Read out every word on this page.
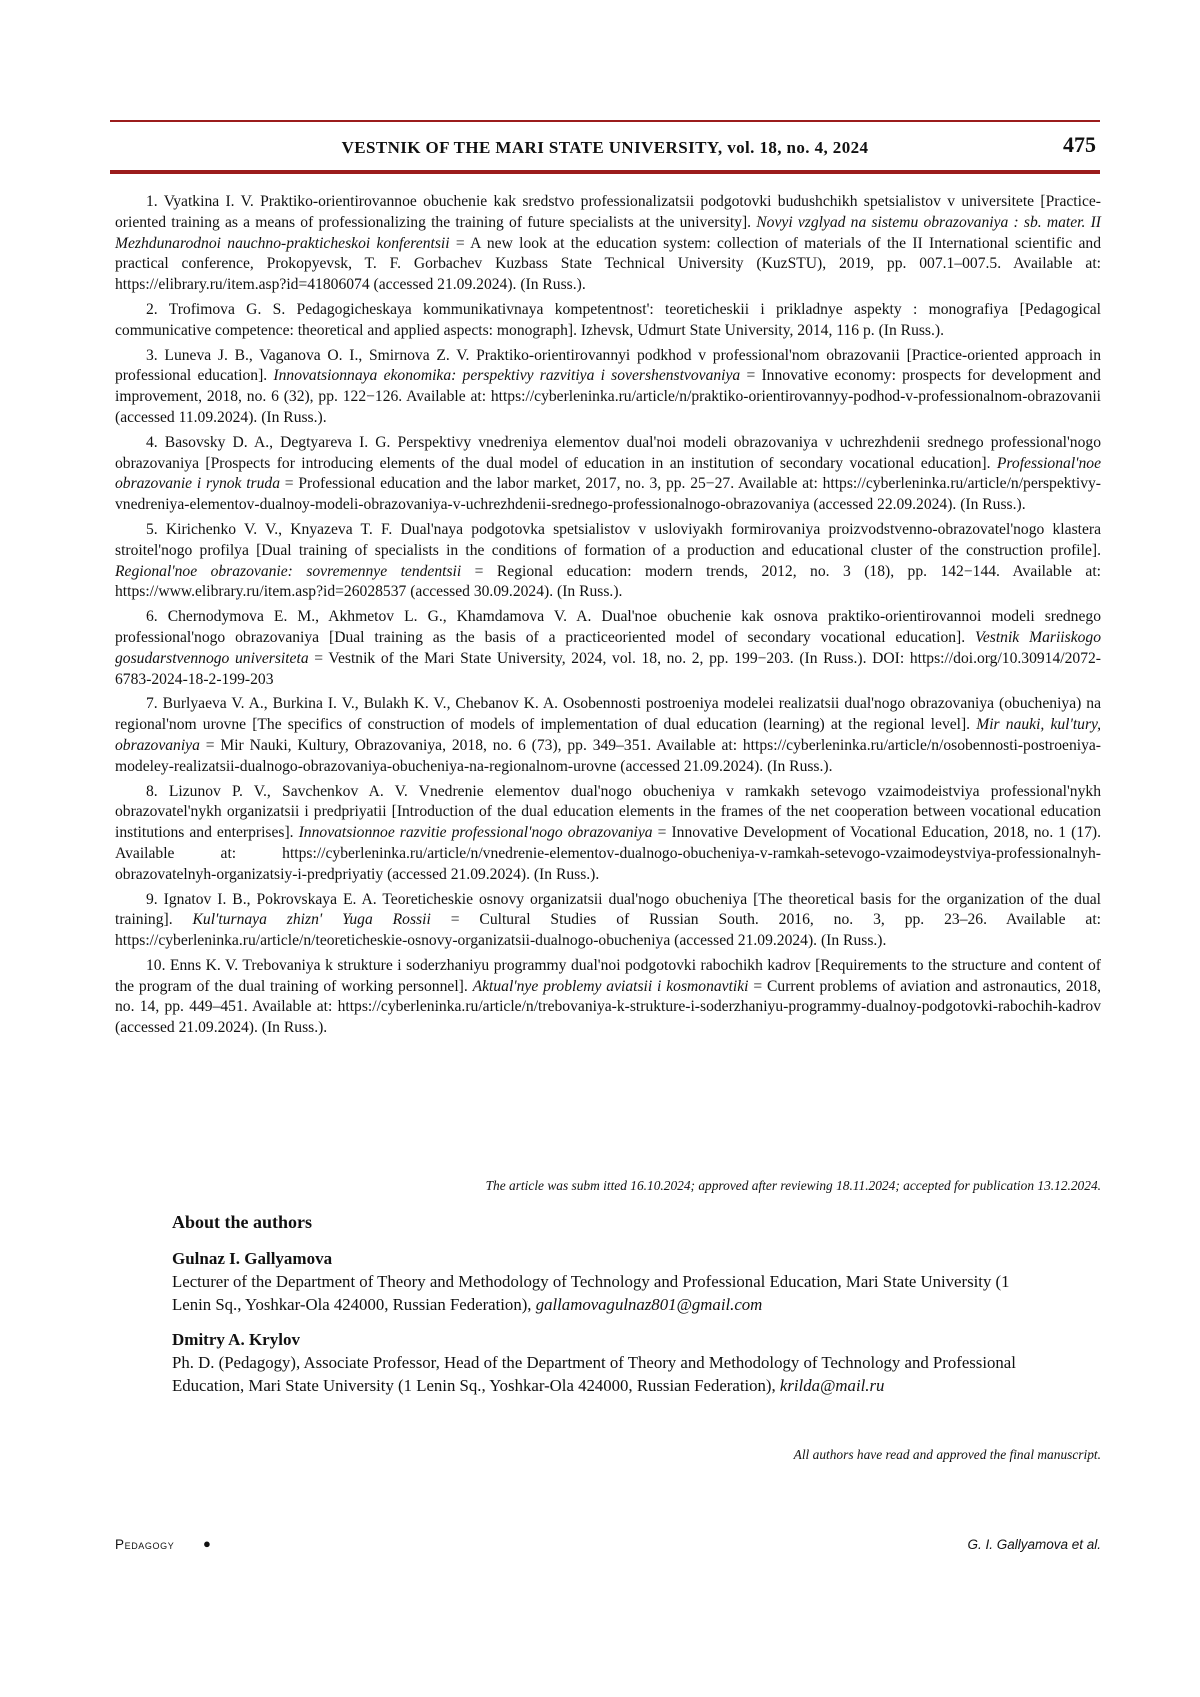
VESTNIK OF THE MARI STATE UNIVERSITY, vol. 18, no. 4, 2024	475

1. Vyatkina I. V. Praktiko-orientirovannoe obuchenie kak sredstvo professionalizatsii podgotovki budushchikh spetsialistov v universitete [Practice-oriented training as a means of professionalizing the training of future specialists at the university]. Novyi vzglyad na sistemu obrazovaniya : sb. mater. II Mezhdunarodnoi nauchno-prakticheskoi konferentsii = A new look at the education system: collection of materials of the II International scientific and practical conference, Prokopyevsk, T. F. Gorbachev Kuzbass State Technical University (KuzSTU), 2019, pp. 007.1–007.5. Available at: https://elibrary.ru/item.asp?id=41806074 (accessed 21.09.2024). (In Russ.).

2. Trofimova G. S. Pedagogicheskaya kommunikativnaya kompetentnost': teoreticheskii i prikladnye aspekty : monografiya [Pedagogical communicative competence: theoretical and applied aspects: monograph]. Izhevsk, Udmurt State University, 2014, 116 p. (In Russ.).

3. Luneva J. B., Vaganova O. I., Smirnova Z. V. Praktiko-orientirovannyi podkhod v professional'nom obrazovanii [Practice-oriented approach in professional education]. Innovatsionnaya ekonomika: perspektivy razvitiya i sovershenstvovaniya = Innovative economy: prospects for development and improvement, 2018, no. 6 (32), pp. 122−126. Available at: https://cyberleninka.ru/article/n/praktiko-orientirovannyy-podhod-v-professionalnom-obrazovanii (accessed 11.09.2024). (In Russ.).

4. Basovsky D. A., Degtyareva I. G. Perspektivy vnedreniya elementov dual'noi modeli obrazovaniya v uchrezhdenii srednego professional'nogo obrazovaniya [Prospects for introducing elements of the dual model of education in an institution of secondary vocational education]. Professional'noe obrazovanie i rynok truda = Professional education and the labor market, 2017, no. 3, pp. 25−27. Available at: https://cyberleninka.ru/article/n/perspektivy-vnedreniya-elementov-dualnoy-modeli-obrazovaniya-v-uchrezhdenii-srednego-professionalnogo-obrazovaniya (accessed 22.09.2024). (In Russ.).

5. Kirichenko V. V., Knyazeva T. F. Dual'naya podgotovka spetsialistov v usloviyakh formirovaniya proizvodstvenno-obrazovatel'nogo klastera stroitel'nogo profilya [Dual training of specialists in the conditions of formation of a production and educational cluster of the construction profile]. Regional'noe obrazovanie: sovremennye tendentsii = Regional education: modern trends, 2012, no. 3 (18), pp. 142−144. Available at: https://www.elibrary.ru/item.asp?id=26028537 (accessed 30.09.2024). (In Russ.).

6. Chernodymova E. M., Akhmetov L. G., Khamdamova V. A. Dual'noe obuchenie kak osnova praktiko-orientirovannoi modeli srednego professional'nogo obrazovaniya [Dual training as the basis of a practiceoriented model of secondary vocational education]. Vestnik Mariiskogo gosudarstvennogo universiteta = Vestnik of the Mari State University, 2024, vol. 18, no. 2, pp. 199−203. (In Russ.). DOI: https://doi.org/10.30914/2072-6783-2024-18-2-199-203

7. Burlyaeva V. A., Burkina I. V., Bulakh K. V., Chebanov K. A. Osobennosti postroeniya modelei realizatsii dual'nogo obrazovaniya (obucheniya) na regional'nom urovne [The specifics of construction of models of implementation of dual education (learning) at the regional level]. Mir nauki, kul'tury, obrazovaniya = Mir Nauki, Kultury, Obrazovaniya, 2018, no. 6 (73), pp. 349–351. Available at: https://cyberleninka.ru/article/n/osobennosti-postroeniya-modeley-realizatsii-dualnogo-obrazovaniya-obucheniya-na-regionalnom-urovne (accessed 21.09.2024). (In Russ.).

8. Lizunov P. V., Savchenkov A. V. Vnedrenie elementov dual'nogo obucheniya v ramkakh setevogo vzaimodeistviya professional'nykh obrazovatel'nykh organizatsii i predpriyatii [Introduction of the dual education elements in the frames of the net cooperation between vocational education institutions and enterprises]. Innovatsionnoe razvitie professional'nogo obrazovaniya = Innovative Development of Vocational Education, 2018, no. 1 (17). Available at: https://cyberleninka.ru/article/n/vnedrenie-elementov-dualnogo-obucheniya-v-ramkah-setevogo-vzaimodeystviya-professionalnyh-obrazovatelnyh-organizatsiy-i-predpriyatiy (accessed 21.09.2024). (In Russ.).

9. Ignatov I. B., Pokrovskaya E. A. Teoreticheskie osnovy organizatsii dual'nogo obucheniya [The theoretical basis for the organization of the dual training]. Kul'turnaya zhizn' Yuga Rossii = Cultural Studies of Russian South. 2016, no. 3, pp. 23–26. Available at: https://cyberleninka.ru/article/n/teoreticheskie-osnovy-organizatsii-dualnogo-obucheniya (accessed 21.09.2024). (In Russ.).

10. Enns K. V. Trebovaniya k strukture i soderzhaniyu programmy dual'noi podgotovki rabochikh kadrov [Requirements to the structure and content of the program of the dual training of working personnel]. Aktual'nye problemy aviatsii i kosmonavtiki = Current problems of aviation and astronautics, 2018, no. 14, pp. 449–451. Available at: https://cyberleninka.ru/article/n/trebovaniya-k-strukture-i-soderzhaniyu-programmy-dualnoy-podgotovki-rabochih-kadrov (accessed 21.09.2024). (In Russ.).

The article was subm itted 16.10.2024; approved after reviewing 18.11.2024; accepted for publication 13.12.2024.
About the authors
Gulnaz I. Gallyamova
Lecturer of the Department of Theory and Methodology of Technology and Professional Education, Mari State University (1 Lenin Sq., Yoshkar-Ola 424000, Russian Federation), gallamovagulnaz801@gmail.com
Dmitry A. Krylov
Ph. D. (Pedagogy), Associate Professor, Head of the Department of Theory and Methodology of Technology and Professional Education, Mari State University (1 Lenin Sq., Yoshkar-Ola 424000, Russian Federation), krilda@mail.ru
All authors have read and approved the final manuscript.
Pedagogy ●	G. I. Gallyamova et al.
